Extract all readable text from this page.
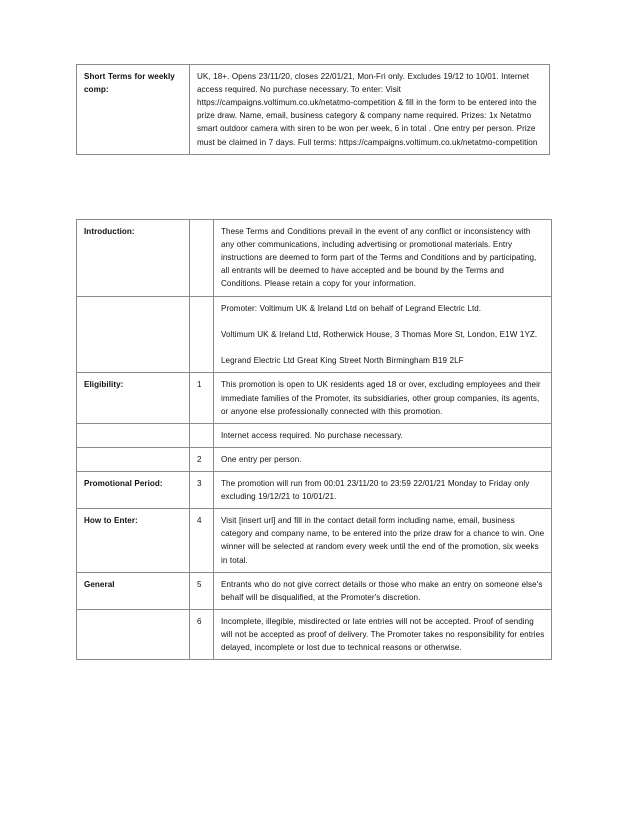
Short Terms for weekly comp:	UK, 18+. Opens 23/11/20, closes 22/01/21, Mon-Fri only. Excludes 19/12 to 10/01. Internet access required. No purchase necessary. To enter: Visit https://campaigns.voltimum.co.uk/netatmo-competition & fill in the form to be entered into the prize draw. Name, email, business category & company name required. Prizes: 1x Netatmo smart outdoor camera with siren to be won per week, 6 in total . One entry per person. Prize must be claimed in 7 days. Full terms: https://campaigns.voltimum.co.uk/netatmo-competition
Introduction:		These Terms and Conditions prevail in the event of any conflict or inconsistency with any other communications, including advertising or promotional materials. Entry instructions are deemed to form part of the Terms and Conditions and by participating, all entrants will be deemed to have accepted and be bound by the Terms and Conditions. Please retain a copy for your information.

		Promoter: Voltimum UK & Ireland Ltd on behalf of Legrand Electric Ltd.

Voltimum UK & Ireland Ltd, Rotherwick House, 3 Thomas More St, London, E1W 1YZ.

Legrand Electric Ltd Great King Street North Birmingham B19 2LF

Eligibility:	1	This promotion is open to UK residents aged 18 or over, excluding employees and their immediate families of the Promoter, its subsidiaries, other group companies, its agents, or anyone else professionally connected with this promotion.

		Internet access required. No purchase necessary.

	2	One entry per person.

Promotional Period:	3	The promotion will run from 00:01 23/11/20 to 23:59 22/01/21 Monday to Friday only excluding 19/12/21 to 10/01/21.

How to Enter:	4	Visit [insert url] and fill in the contact detail form including name, email, business category and company name, to be entered into the prize draw for a chance to win. One winner will be selected at random every week until the end of the promotion, six weeks in total.

General	5	Entrants who do not give correct details or those who make an entry on someone else's behalf will be disqualified, at the Promoter's discretion.

	6	Incomplete, illegible, misdirected or late entries will not be accepted. Proof of sending will not be accepted as proof of delivery. The Promoter takes no responsibility for entries delayed, incomplete or lost due to technical reasons or otherwise.
